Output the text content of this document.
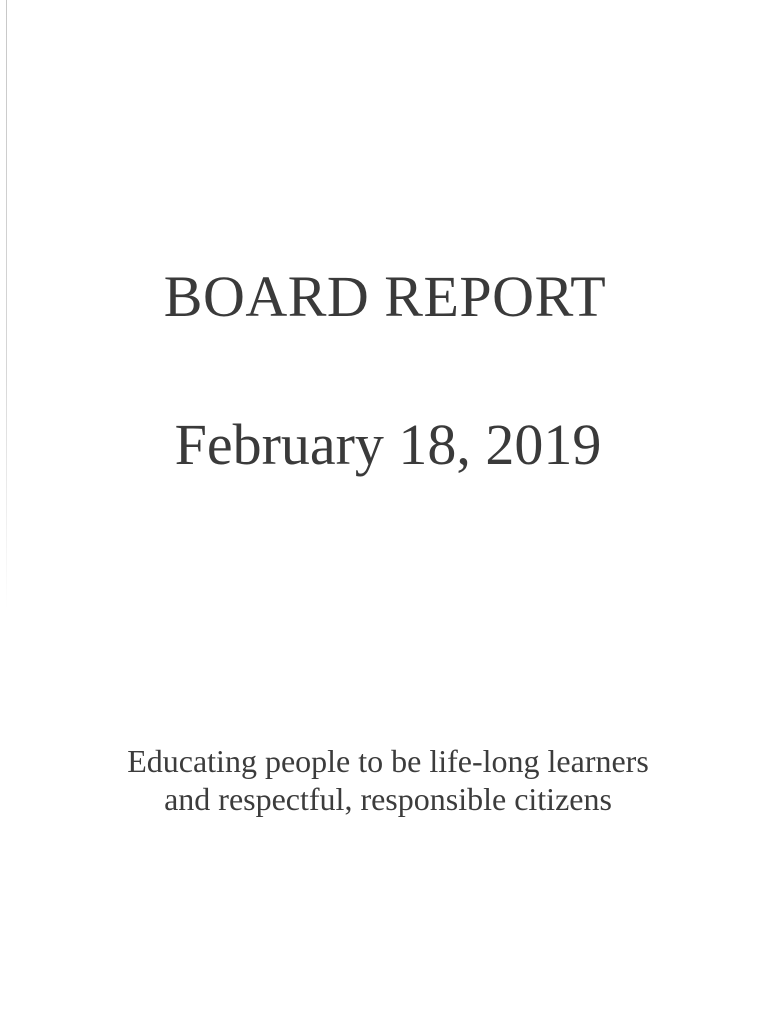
BOARD REPORT
February 18, 2019
Educating people to be life-long learners
and respectful, responsible citizens
